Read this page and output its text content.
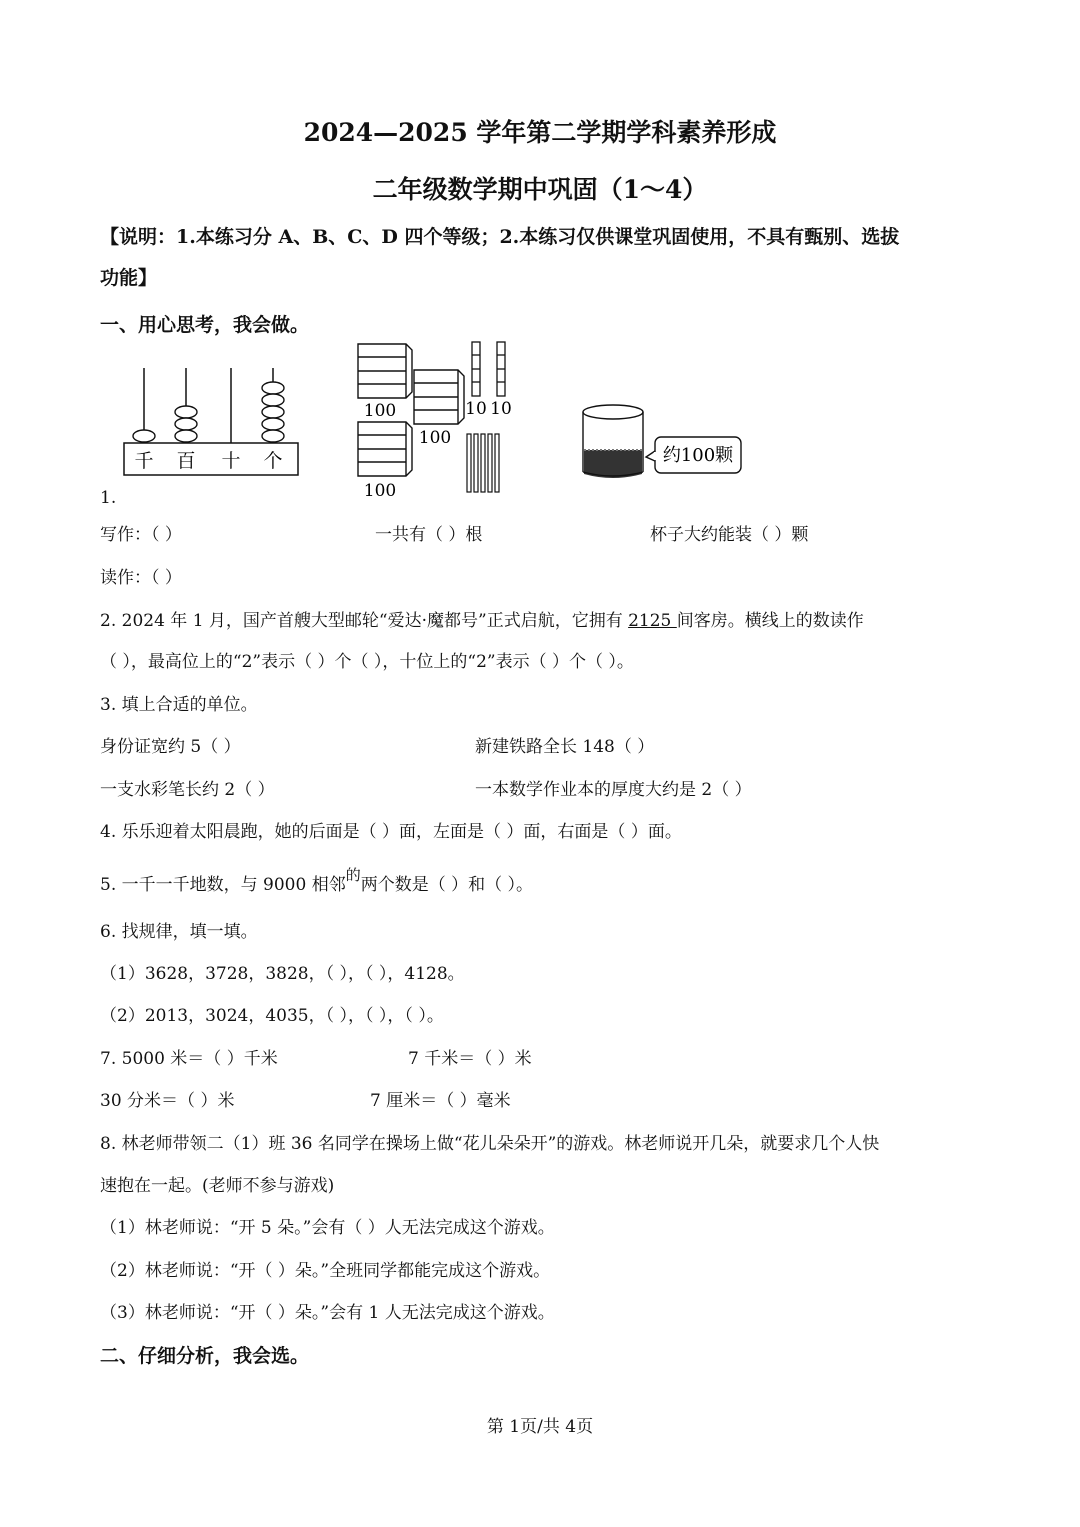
2024—2025 学年第二学期学科素养形成
二年级数学期中巩固（1～4）
【说明：1.本练习分 A、B、C、D 四个等级；2.本练习仅供课堂巩固使用，不具有甄别、选拔
功能】
一、用心思考，我会做。
千 百 十 个
100
100
100
10 10
约100颗
1.
写作：（ ）	一共有（ ）根	杯子大约能装（ ）颗
读作：（ ）
2. 2024 年 1 月，国产首艘大型邮轮“爱达·魔都号”正式启航，它拥有 2125 间客房。横线上的数读作
（ ），最高位上的“2”表示（ ）个（ ），十位上的“2”表示（ ）个（ ）。
3. 填上合适的单位。
身份证宽约 5（ ）	新建铁路全长 148（ ）
一支水彩笔长约 2（ ）	一本数学作业本的厚度大约是 2（ ）
4. 乐乐迎着太阳晨跑，她的后面是（ ）面，左面是（ ）面，右面是（ ）面。
5. 一千一千地数，与 9000 相邻的两个数是（ ）和（ ）。
6. 找规律，填一填。
（1）3628，3728，3828，（ ），（ ），4128。
（2）2013，3024，4035，（ ），（ ），（ ）。
7. 5000 米＝（ ）千米	7 千米＝（ ）米
30 分米＝（ ）米	7 厘米＝（ ）毫米
8. 林老师带领二（1）班 36 名同学在操场上做“花儿朵朵开”的游戏。林老师说开几朵，就要求几个人快
速抱在一起。(老师不参与游戏)
（1）林老师说：“开 5 朵。”会有（ ）人无法完成这个游戏。
（2）林老师说：“开（ ）朵。”全班同学都能完成这个游戏。
（3）林老师说：“开（ ）朵。”会有 1 人无法完成这个游戏。
二、仔细分析，我会选。
第 1页/共 4页
